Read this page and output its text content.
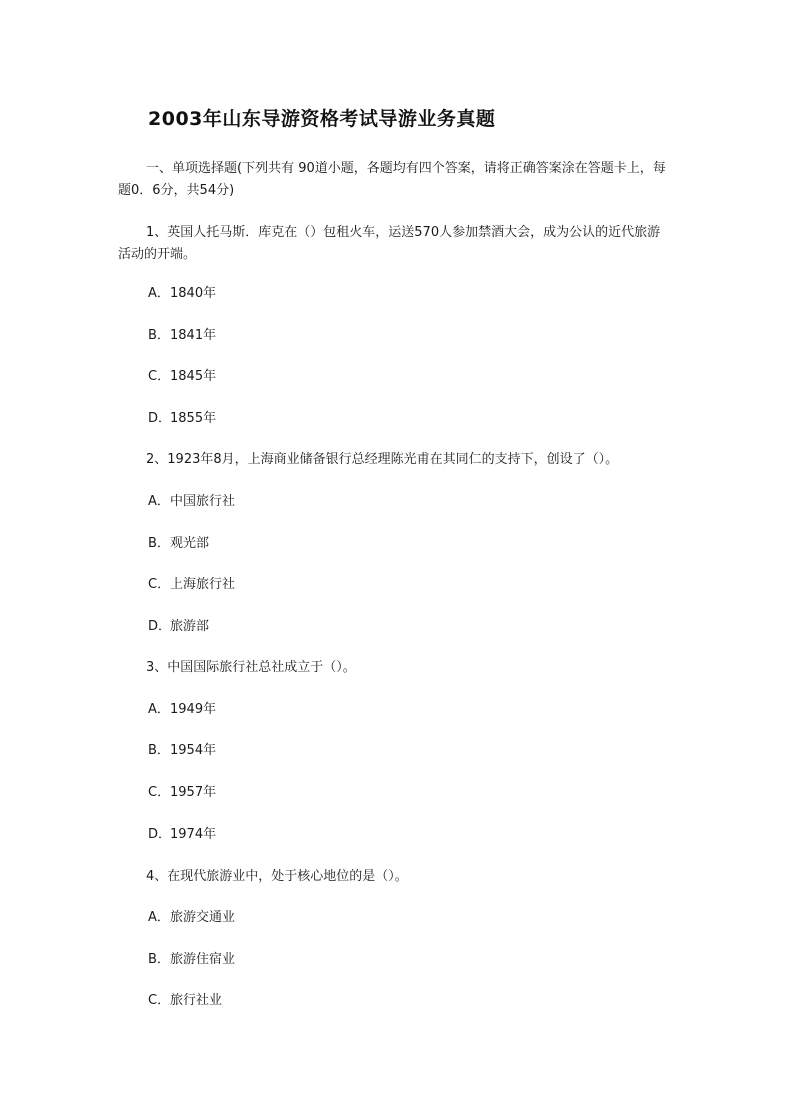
2003年山东导游资格考试导游业务真题
一、单项选择题(下列共有 90道小题，各题均有四个答案，请将正确答案涂在答题卡上，每题0．6分，共54分)
1、英国人托马斯．库克在（）包租火车，运送570人参加禁酒大会，成为公认的近代旅游活动的开端。
A．1840年
B．1841年
C．1845年
D．1855年
2、1923年8月，上海商业储备银行总经理陈光甫在其同仁的支持下，创设了（）。
A．中国旅行社
B．观光部
C．上海旅行社
D．旅游部
3、中国国际旅行社总社成立于（）。
A．1949年
B．1954年
C．1957年
D．1974年
4、在现代旅游业中，处于核心地位的是（）。
A．旅游交通业
B．旅游住宿业
C．旅行社业
